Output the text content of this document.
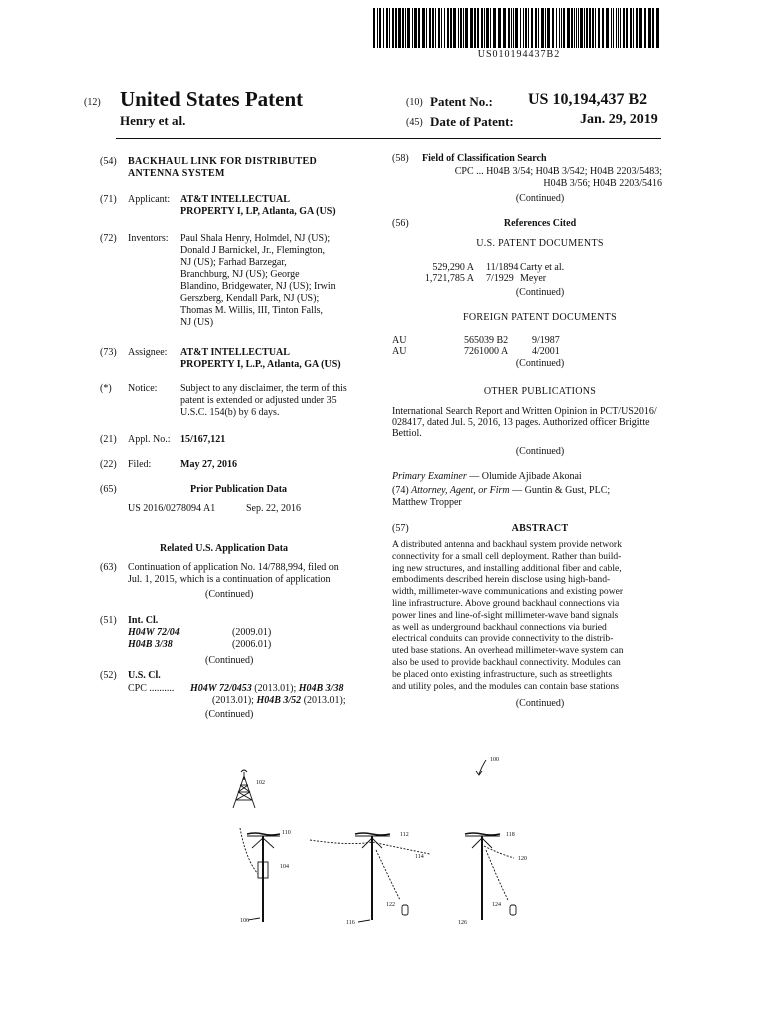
US010194437B2
(12) United States Patent
Henry et al.
(10) Patent No.: US 10,194,437 B2
(45) Date of Patent:	Jan. 29, 2019
(54) BACKHAUL LINK FOR DISTRIBUTED
ANTENNA SYSTEM
(71) Applicant: AT&T INTELLECTUAL
PROPERTY I, LP, Atlanta, GA (US)
(72) Inventors: Paul Shala Henry, Holmdel, NJ (US);
Donald J Barnickel, Jr., Flemington,
NJ (US); Farhad Barzegar,
Branchburg, NJ (US); George
Blandino, Bridgewater, NJ (US); Irwin
Gerszberg, Kendall Park, NJ (US);
Thomas M. Willis, III, Tinton Falls,
NJ (US)
(73) Assignee: AT&T INTELLECTUAL
PROPERTY I, L.P., Atlanta, GA (US)
(*) Notice: Subject to any disclaimer, the term of this
patent is extended or adjusted under 35
U.S.C. 154(b) by 6 days.
(21) Appl. No.: 15/167,121
(22) Filed:	May 27, 2016
(65)	Prior Publication Data
US 2016/0278094 A1	Sep. 22, 2016
Related U.S. Application Data
(63) Continuation of application No. 14/788,994, filed on
Jul. 1, 2015, which is a continuation of application
(Continued)
(51) Int. Cl.
H04W 72/04	(2009.01)
H04B 3/38	(2006.01)
(Continued)
(52) U.S. Cl.
CPC .......... H04W 72/0453 (2013.01); H04B 3/38
(2013.01); H04B 3/52 (2013.01);
(Continued)
(58) Field of Classification Search
CPC ... H04B 3/54; H04B 3/542; H04B 2203/5483;
H04B 3/56; H04B 2203/5416
(Continued)
(56)	References Cited
U.S. PATENT DOCUMENTS
529,290 A 11/1894 Carty et al.
1,721,785 A 7/1929 Meyer
(Continued)
FOREIGN PATENT DOCUMENTS
AU	565039 B2 9/1987
AU	7261000 A 4/2001
(Continued)
OTHER PUBLICATIONS
International Search Report and Written Opinion in PCT/US2016/
028417, dated Jul. 5, 2016, 13 pages. Authorized officer Brigitte
Bettiol.
(Continued)
Primary Examiner — Olumide Ajibade Akonai
(74) Attorney, Agent, or Firm — Guntin & Gust, PLC;
Matthew Tropper
(57)	ABSTRACT
A distributed antenna and backhaul system provide network
connectivity for a small cell deployment. Rather than build-
ing new structures, and installing additional fiber and cable,
embodiments described herein disclose using high-band-
width, millimeter-wave communications and existing power
line infrastructure. Above ground backhaul connections via
power lines and line-of-sight millimeter-wave band signals
as well as underground backhaul connections via buried
electrical conduits can provide connectivity to the distrib-
uted base stations. An overhead millimeter-wave system can
also be used to provide backhaul connectivity. Modules can
be placed onto existing infrastructure, such as streetlights
and utility poles, and the modules can contain base stations
(Continued)
100
102
110
104
106
112
114
116
122
118
120
126
124
